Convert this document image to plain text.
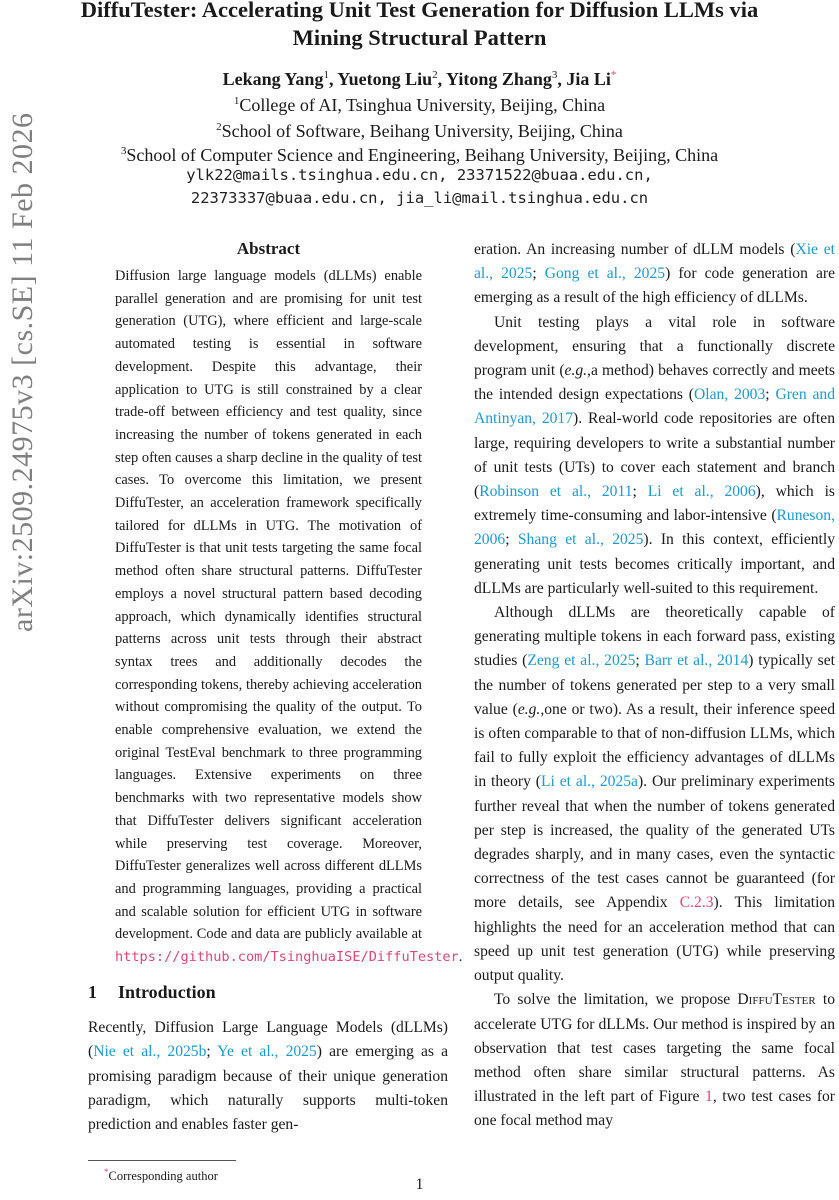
DiffuTester: Accelerating Unit Test Generation for Diffusion LLMs via
Mining Structural Pattern
Lekang Yang$^1$, Yuetong Liu$^2$, Yitong Zhang$^3$, Jia Li*
$^1$College of AI, Tsinghua University, Beijing, China
$^2$School of Software, Beihang University, Beijing, China
$^3$School of Computer Science and Engineering, Beihang University, Beijing, China
ylk22@mails.tsinghua.edu.cn, 23371522@buaa.edu.cn,
22373337@buaa.edu.cn, jia_li@mail.tsinghua.edu.cn
arXiv:2509.24975v3 [cs.SE] 11 Feb 2026	Abstract
Diffusion large language models (dLLMs) enable parallel generation and are promising for unit test generation (UTG), where efficient and large-scale automated testing is essential in software development. Despite this advantage, their application to UTG is still constrained by a clear trade-off between efficiency and test quality, since increasing the number of tokens generated in each step often causes a sharp decline in the quality of test cases. To overcome this limitation, we present DiffuTester, an acceleration framework specifically tailored for dLLMs in UTG. The motivation of DiffuTester is that unit tests targeting the same focal method often share structural patterns. DiffuTester employs a novel structural pattern based decoding approach, which dynamically identifies structural patterns across unit tests through their abstract syntax trees and additionally decodes the corresponding tokens, thereby achieving acceleration without compromising the quality of the output. To enable comprehensive evaluation, we extend the original TestEval benchmark to three programming languages. Extensive experiments on three benchmarks with two representative models show that DiffuTester delivers significant acceleration while preserving test coverage. Moreover, DiffuTester generalizes well across different dLLMs and programming languages, providing a practical and scalable solution for efficient UTG in software development. Code and data are publicly available at https://github.com/TsinghuaISE/DiffuTester.
1 Introduction
Recently, Diffusion Large Language Models (dLLMs) (Nie et al., 2025b; Ye et al., 2025) are emerging as a promising paradigm because of their unique generation paradigm, which naturally supports multi-token prediction and enables faster gen-

eration. An increasing number of dLLM models (Xie et al., 2025; Gong et al., 2025) for code generation are emerging as a result of the high efficiency of dLLMs.

Unit testing plays a vital role in software development, ensuring that a functionally discrete program unit (e.g.,a method) behaves correctly and meets the intended design expectations (Olan, 2003; Gren and Antinyan, 2017). Real-world code repositories are often large, requiring developers to write a substantial number of unit tests (UTs) to cover each statement and branch (Robinson et al., 2011; Li et al., 2006), which is extremely time-consuming and labor-intensive (Runeson, 2006; Shang et al., 2025). In this context, efficiently generating unit tests becomes critically important, and dLLMs are particularly well-suited to this requirement.

Although dLLMs are theoretically capable of generating multiple tokens in each forward pass, existing studies (Zeng et al., 2025; Barr et al., 2014) typically set the number of tokens generated per step to a very small value (e.g.,one or two). As a result, their inference speed is often comparable to that of non-diffusion LLMs, which fail to fully exploit the efficiency advantages of dLLMs in theory (Li et al., 2025a). Our preliminary experiments further reveal that when the number of tokens generated per step is increased, the quality of the generated UTs degrades sharply, and in many cases, even the syntactic correctness of the test cases cannot be guaranteed (for more details, see Appendix C.2.3). This limitation highlights the need for an acceleration method that can speed up unit test generation (UTG) while preserving output quality.

To solve the limitation, we propose DiffuTester to accelerate UTG for dLLMs. Our method is inspired by an observation that test cases targeting the same focal method often share similar structural patterns. As illustrated in the left part of Figure 1, two test cases for one focal method may

*Corresponding author	1
